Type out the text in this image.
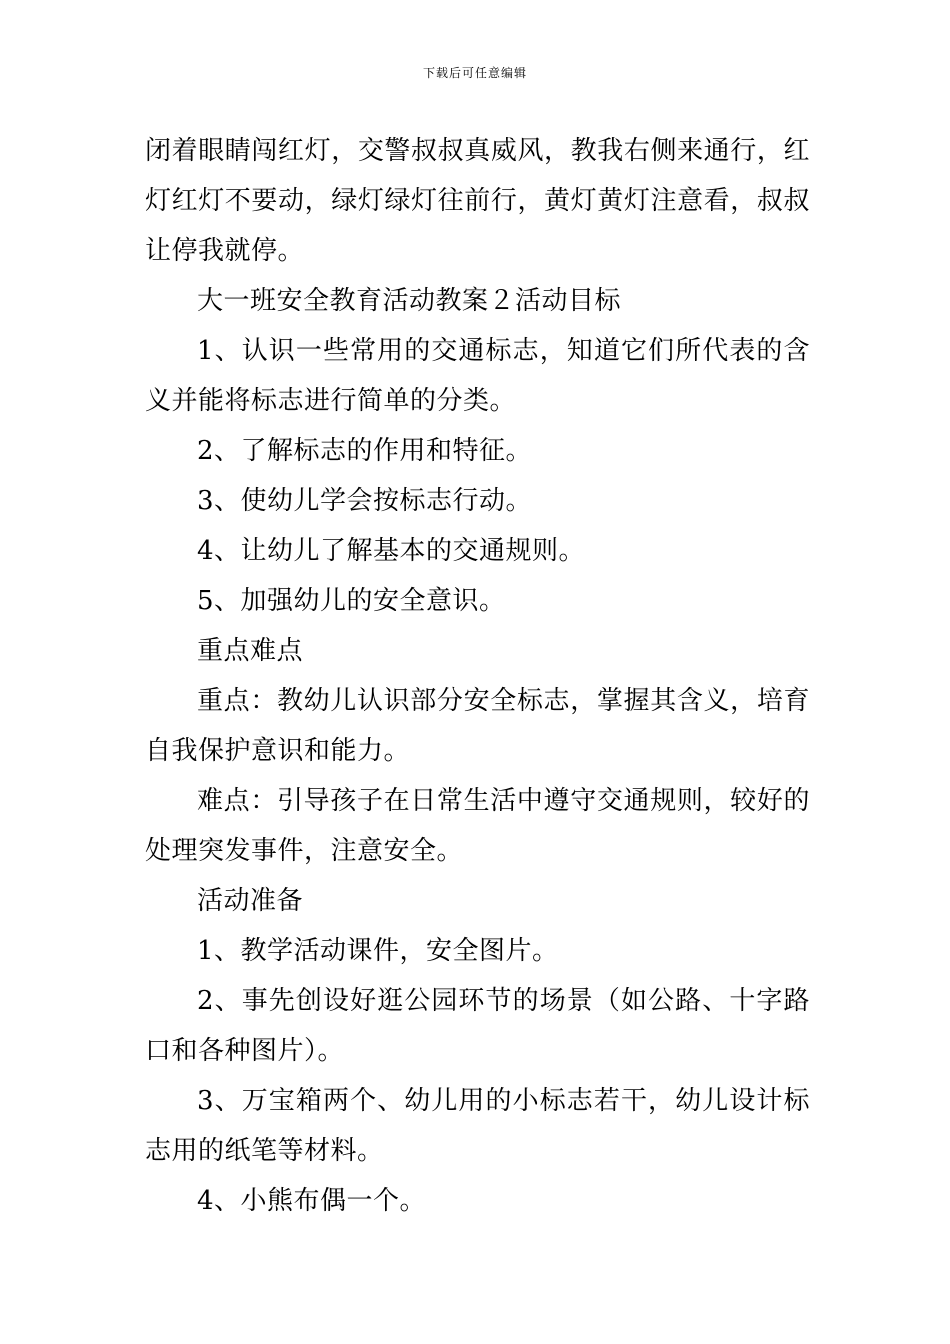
下载后可任意编辑

闭着眼睛闯红灯，交警叔叔真威风，教我右侧来通行，红灯红灯不要动，绿灯绿灯往前行，黄灯黄灯注意看，叔叔让停我就停。

大一班安全教育活动教案２活动目标

1、认识一些常用的交通标志，知道它们所代表的含义并能将标志进行简单的分类。

2、了解标志的作用和特征。

3、使幼儿学会按标志行动。

4、让幼儿了解基本的交通规则。

5、加强幼儿的安全意识。

重点难点

重点：教幼儿认识部分安全标志，掌握其含义，培育自我保护意识和能力。

难点：引导孩子在日常生活中遵守交通规则，较好的处理突发事件，注意安全。

活动准备

1、教学活动课件，安全图片。

2、事先创设好逛公园环节的场景（如公路、十字路口和各种图片）。

3、万宝箱两个、幼儿用的小标志若干，幼儿设计标志用的纸笔等材料。

4、小熊布偶一个。
